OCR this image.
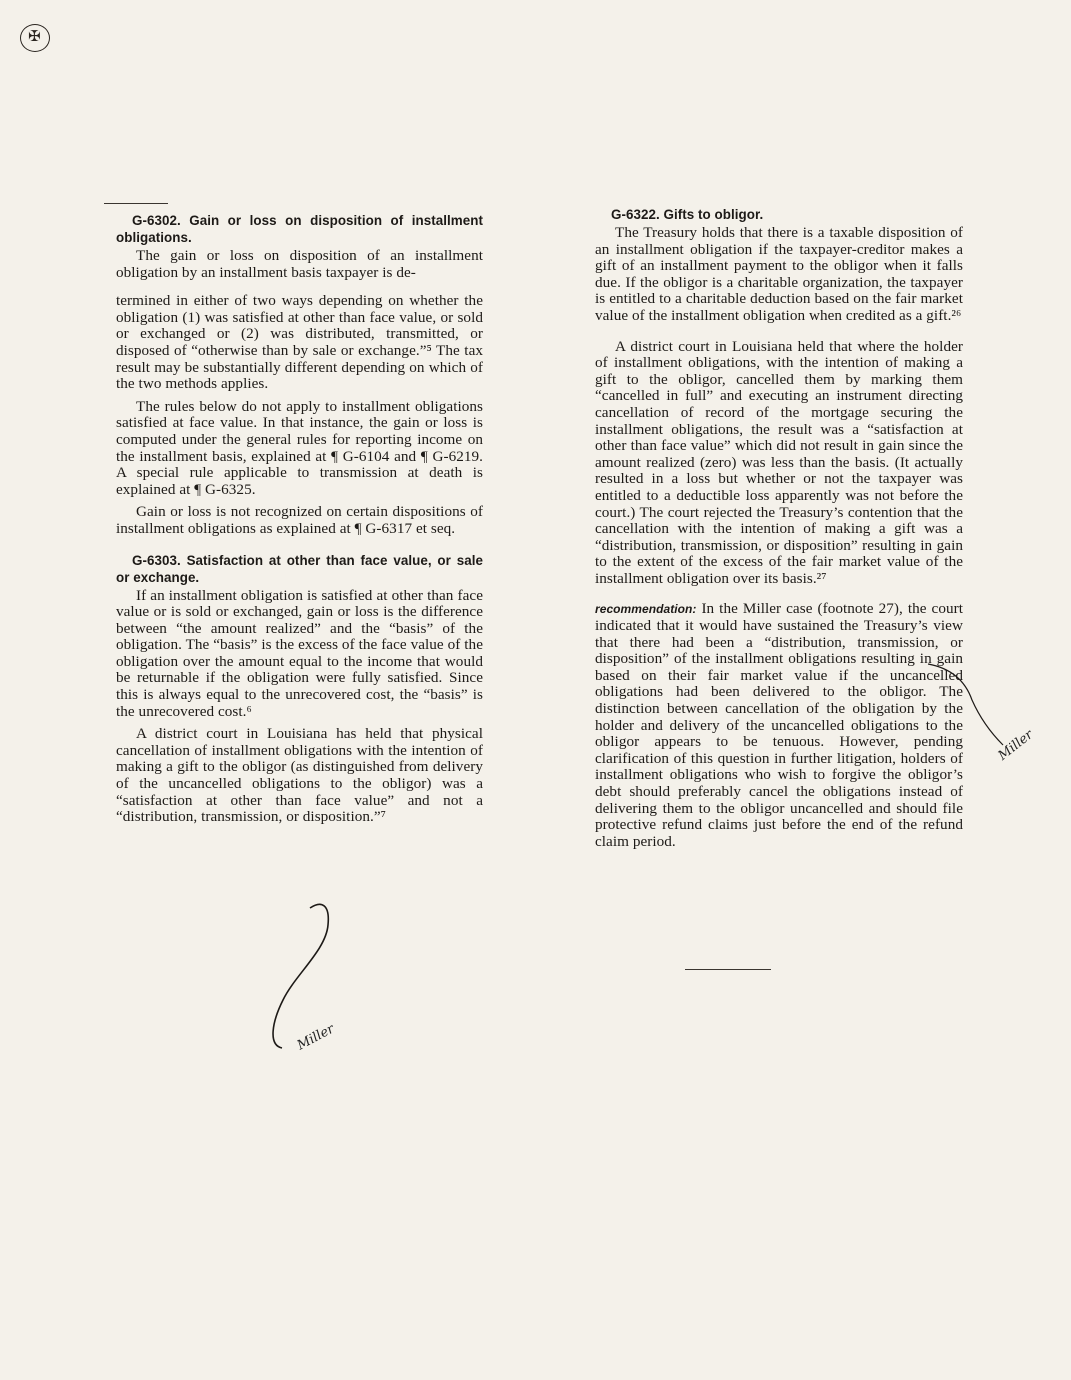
✠

G-6302. Gain or loss on disposition of installment obligations.

The gain or loss on disposition of an installment obligation by an installment basis taxpayer is de-

termined in either of two ways depending on whether the obligation (1) was satisfied at other than face value, or sold or exchanged or (2) was distributed, transmitted, or disposed of “otherwise than by sale or exchange.”⁵ The tax result may be substantially different depending on which of the two methods applies.

The rules below do not apply to installment obligations satisfied at face value. In that instance, the gain or loss is computed under the general rules for reporting income on the installment basis, explained at ¶ G-6104 and ¶ G-6219. A special rule applicable to transmission at death is explained at ¶ G-6325.

Gain or loss is not recognized on certain dispositions of installment obligations as explained at ¶ G-6317 et seq.

G-6303. Satisfaction at other than face value, or sale or exchange.

If an installment obligation is satisfied at other than face value or is sold or exchanged, gain or loss is the difference between “the amount realized” and the “basis” of the obligation. The “basis” is the excess of the face value of the obligation over the amount equal to the income that would be returnable if the obligation were fully satisfied. Since this is always equal to the unrecovered cost, the “basis” is the unrecovered cost.⁶

A district court in Louisiana has held that physical cancellation of installment obligations with the intention of making a gift to the obligor (as distinguished from delivery of the uncancelled obligations to the obligor) was a “satisfaction at other than face value” and not a “distribution, transmission, or disposition.”⁷

G-6322. Gifts to obligor.

The Treasury holds that there is a taxable disposition of an installment obligation if the taxpayer-creditor makes a gift of an installment payment to the obligor when it falls due. If the obligor is a charitable organization, the taxpayer is entitled to a charitable deduction based on the fair market value of the installment obligation when credited as a gift.²⁶

A district court in Louisiana held that where the holder of installment obligations, with the intention of making a gift to the obligor, cancelled them by marking them “cancelled in full” and executing an instrument directing cancellation of record of the mortgage securing the installment obligations, the result was a “satisfaction at other than face value” which did not result in gain since the amount realized (zero) was less than the basis. (It actually resulted in a loss but whether or not the taxpayer was entitled to a deductible loss apparently was not before the court.) The court rejected the Treasury’s contention that the cancellation with the intention of making a gift was a “distribution, transmission, or disposition” resulting in gain to the extent of the excess of the fair market value of the installment obligation over its basis.²⁷

recommendation: In the Miller case (footnote 27), the court indicated that it would have sustained the Treasury’s view that there had been a “distribution, transmission, or disposition” of the installment obligations resulting in gain based on their fair market value if the uncancelled obligations had been delivered to the obligor. The distinction between cancellation of the obligation by the holder and delivery of the uncancelled obligations to the obligor appears to be tenuous. However, pending clarification of this question in further litigation, holders of installment obligations who wish to forgive the obligor’s debt should preferably cancel the obligations instead of delivering them to the obligor uncancelled and should file protective refund claims just before the end of the refund claim period.

Miller
Miller
